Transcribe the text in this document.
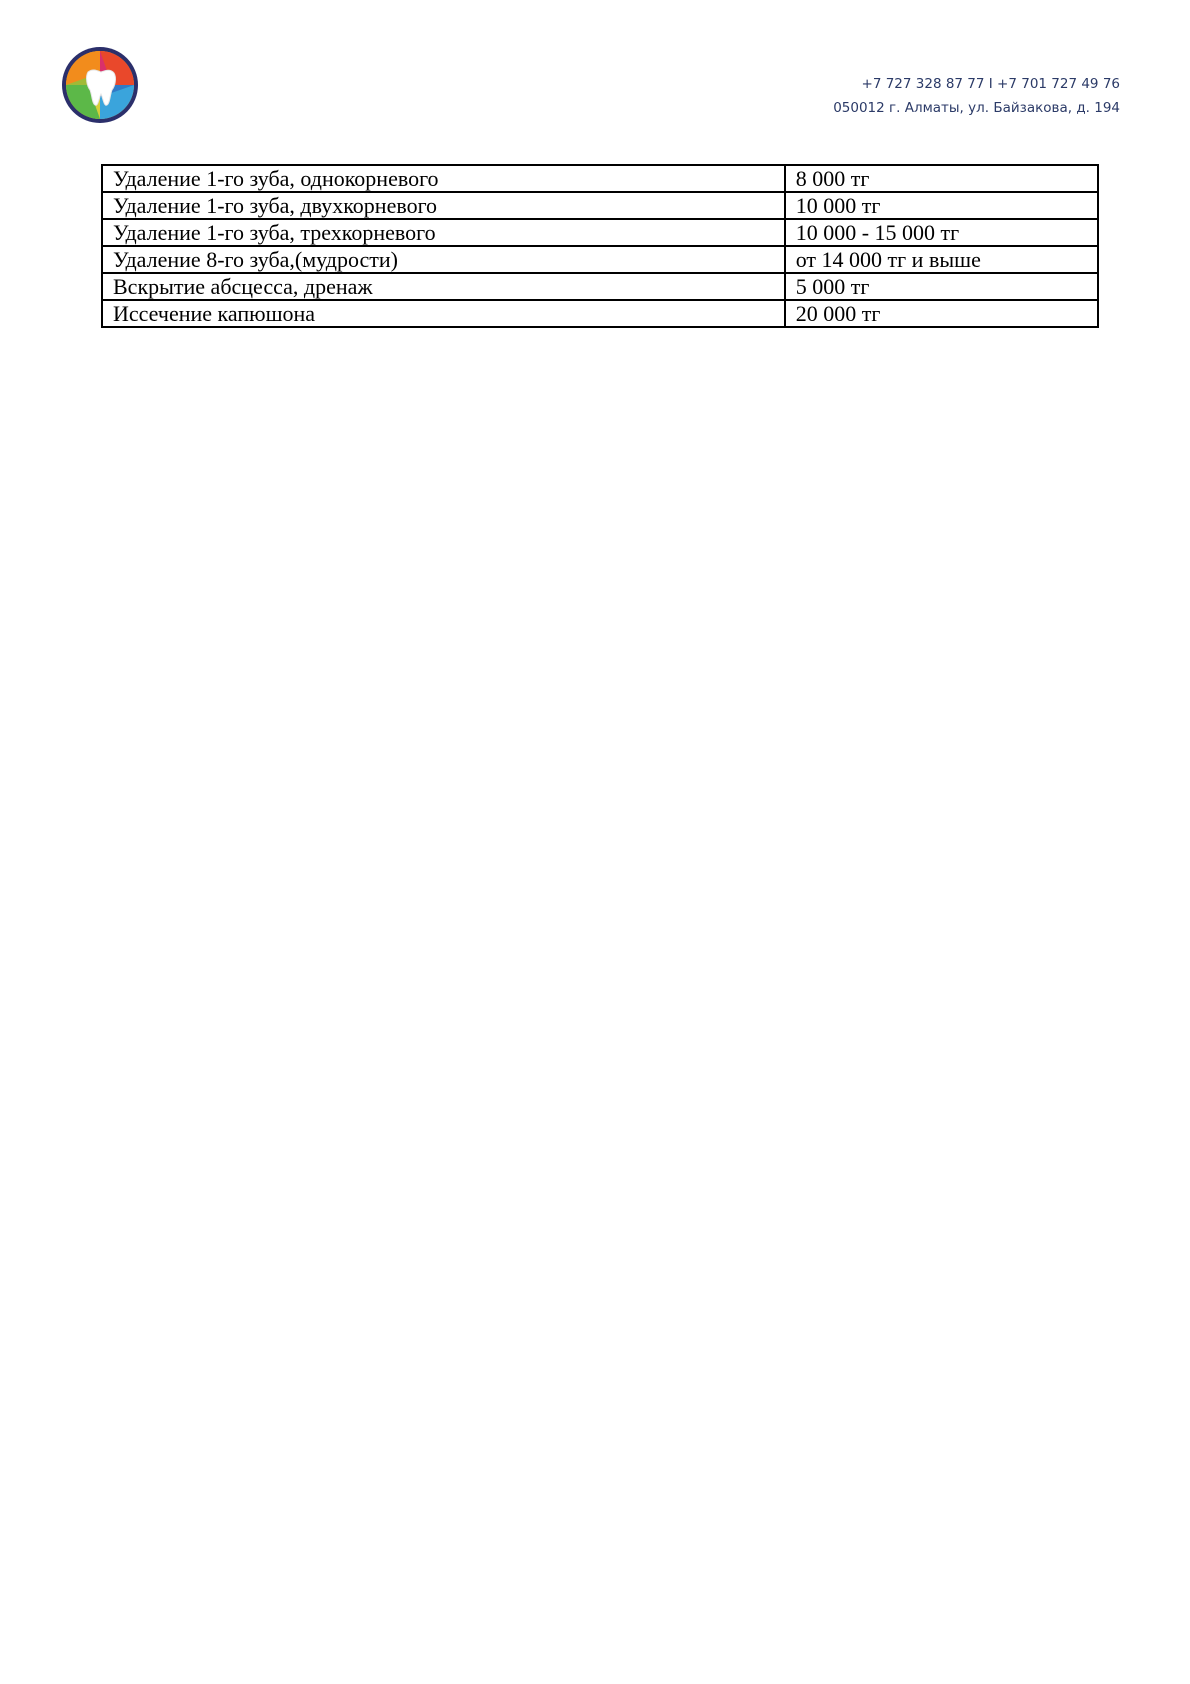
+7 727 328 87 77 I +7 701 727 49 76
050012 г. Алматы, ул. Байзакова, д. 194
Удаление 1-го зуба, однокорневого	8 000 тг
Удаление 1-го зуба, двухкорневого	10 000 тг
Удаление 1-го зуба, трехкорневого	10 000 - 15 000 тг
Удаление 8-го зуба,(мудрости)	от 14 000 тг и выше
Вскрытие абсцесса, дренаж	5 000 тг
Иссечение капюшона	20 000 тг
